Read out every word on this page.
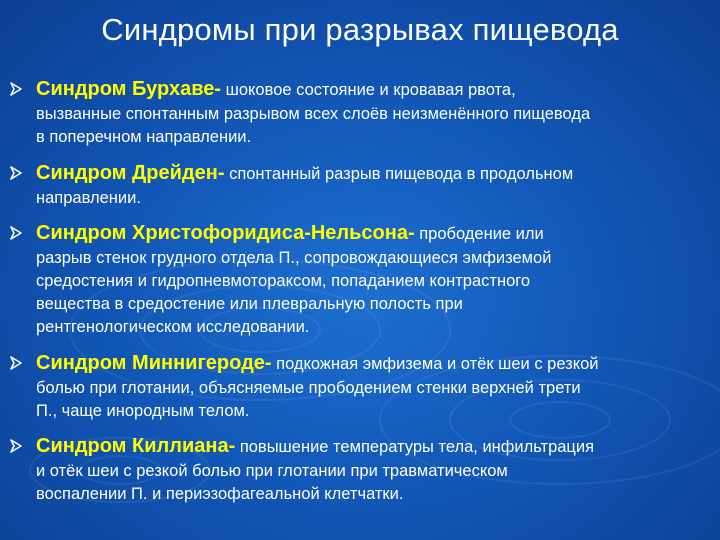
Синдромы при разрывах пищевода
Синдром Бурхаве- шоковое состояние и кровавая рвота,
вызванные спонтанным разрывом всех слоёв неизменённого пищевода
в поперечном направлении.
Синдром Дрейден- спонтанный разрыв пищевода в продольном
направлении.
Синдром Христофоридиса-Нельсона- прободение или
разрыв стенок грудного отдела П., сопровождающиеся эмфиземой
средостения и гидропневмотораксом, попаданием контрастного
вещества в средостение или плевральную полость при
рентгенологическом исследовании.
Синдром Миннигероде- подкожная эмфизема и отёк шеи с резкой
болью при глотании, объясняемые прободением стенки верхней трети
П., чаще инородным телом.
Синдром Киллиана- повышение температуры тела, инфильтрация
и отёк шеи с резкой болью при глотании при травматическом
воспалении П. и периэзофагеальной клетчатки.
